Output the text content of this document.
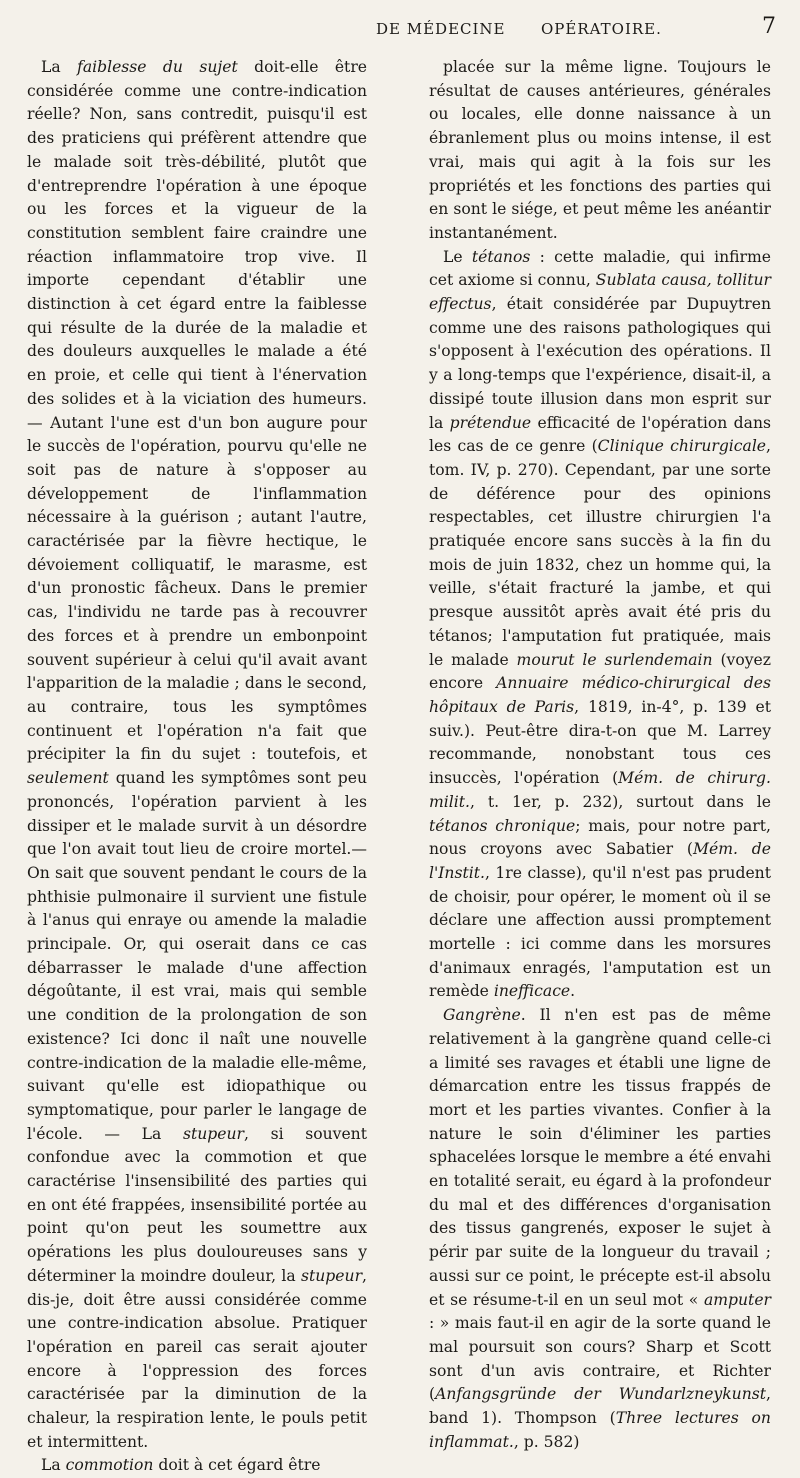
DE MÉDECINE OPÉRATOIRE.	7

La faiblesse du sujet doit-elle être considérée comme une contre-indication réelle? Non, sans contredit, puisqu'il est des praticiens qui préfèrent attendre que le malade soit très-débilité, plutôt que d'entreprendre l'opération à une époque ou les forces et la vigueur de la constitution semblent faire craindre une réaction inflammatoire trop vive. Il importe cependant d'établir une distinction à cet égard entre la faiblesse qui résulte de la durée de la maladie et des douleurs auxquelles le malade a été en proie, et celle qui tient à l'énervation des solides et à la viciation des humeurs. — Autant l'une est d'un bon augure pour le succès de l'opération, pourvu qu'elle ne soit pas de nature à s'opposer au développement de l'inflammation nécessaire à la guérison ; autant l'autre, caractérisée par la fièvre hectique, le dévoiement colliquatif, le marasme, est d'un pronostic fâcheux. Dans le premier cas, l'individu ne tarde pas à recouvrer des forces et à prendre un embonpoint souvent supérieur à celui qu'il avait avant l'apparition de la maladie ; dans le second, au contraire, tous les symptômes continuent et l'opération n'a fait que précipiter la fin du sujet : toutefois, et seulement quand les symptômes sont peu prononcés, l'opération parvient à les dissiper et le malade survit à un désordre que l'on avait tout lieu de croire mortel.— On sait que souvent pendant le cours de la phthisie pulmonaire il survient une fistule à l'anus qui enraye ou amende la maladie principale. Or, qui oserait dans ce cas débarrasser le malade d'une affection dégoûtante, il est vrai, mais qui semble une condition de la prolongation de son existence? Ici donc il naît une nouvelle contre-indication de la maladie elle-même, suivant qu'elle est idiopathique ou symptomatique, pour parler le langage de l'école. — La stupeur, si souvent confondue avec la commotion et que caractérise l'insensibilité des parties qui en ont été frappées, insensibilité portée au point qu'on peut les soumettre aux opérations les plus douloureuses sans y déterminer la moindre douleur, la stupeur, dis-je, doit être aussi considérée comme une contre-indication absolue. Pratiquer l'opération en pareil cas serait ajouter encore à l'oppression des forces caractérisée par la diminution de la chaleur, la respiration lente, le pouls petit et intermittent.

La commotion doit à cet égard être

placée sur la même ligne. Toujours le résultat de causes antérieures, générales ou locales, elle donne naissance à un ébranlement plus ou moins intense, il est vrai, mais qui agit à la fois sur les propriétés et les fonctions des parties qui en sont le siége, et peut même les anéantir instantanément.

Le tétanos : cette maladie, qui infirme cet axiome si connu, Sublata causa, tollitur effectus, était considérée par Dupuytren comme une des raisons pathologiques qui s'opposent à l'exécution des opérations. Il y a long-temps que l'expérience, disait-il, a dissipé toute illusion dans mon esprit sur la prétendue efficacité de l'opération dans les cas de ce genre (Clinique chirurgicale, tom. IV, p. 270). Cependant, par une sorte de déférence pour des opinions respectables, cet illustre chirurgien l'a pratiquée encore sans succès à la fin du mois de juin 1832, chez un homme qui, la veille, s'était fracturé la jambe, et qui presque aussitôt après avait été pris du tétanos; l'amputation fut pratiquée, mais le malade mourut le surlendemain (voyez encore Annuaire médico-chirurgical des hôpitaux de Paris, 1819, in-4°, p. 139 et suiv.). Peut-être dira-t-on que M. Larrey recommande, nonobstant tous ces insuccès, l'opération (Mém. de chirurg. milit., t. 1er, p. 232), surtout dans le tétanos chronique; mais, pour notre part, nous croyons avec Sabatier (Mém. de l'Instit., 1re classe), qu'il n'est pas prudent de choisir, pour opérer, le moment où il se déclare une affection aussi promptement mortelle : ici comme dans les morsures d'animaux enragés, l'amputation est un remède inefficace.

Gangrène. Il n'en est pas de même relativement à la gangrène quand celle-ci a limité ses ravages et établi une ligne de démarcation entre les tissus frappés de mort et les parties vivantes. Confier à la nature le soin d'éliminer les parties sphacelées lorsque le membre a été envahi en totalité serait, eu égard à la profondeur du mal et des différences d'organisation des tissus gangrenés, exposer le sujet à périr par suite de la longueur du travail ; aussi sur ce point, le précepte est-il absolu et se résume-t-il en un seul mot « amputer : » mais faut-il en agir de la sorte quand le mal poursuit son cours? Sharp et Scott sont d'un avis contraire, et Richter (Anfangsgründe der Wundarlzneykunst, band 1). Thompson (Three lectures on inflammat., p. 582)
